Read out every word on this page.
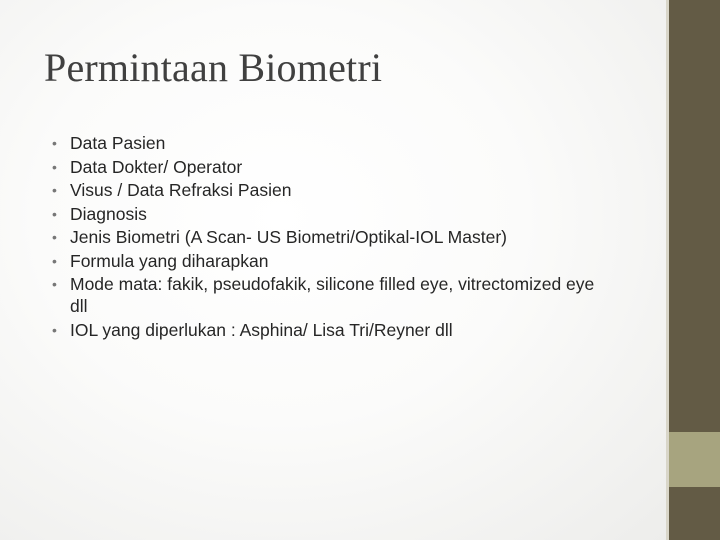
Permintaan Biometri
• Data Pasien
• Data Dokter/ Operator
• Visus / Data Refraksi Pasien
• Diagnosis
• Jenis Biometri (A Scan- US Biometri/Optikal-IOL Master)
• Formula yang diharapkan
• Mode mata: fakik, pseudofakik, silicone filled eye, vitrectomized eye dll
• IOL yang diperlukan : Asphina/ Lisa Tri/Reyner dll
